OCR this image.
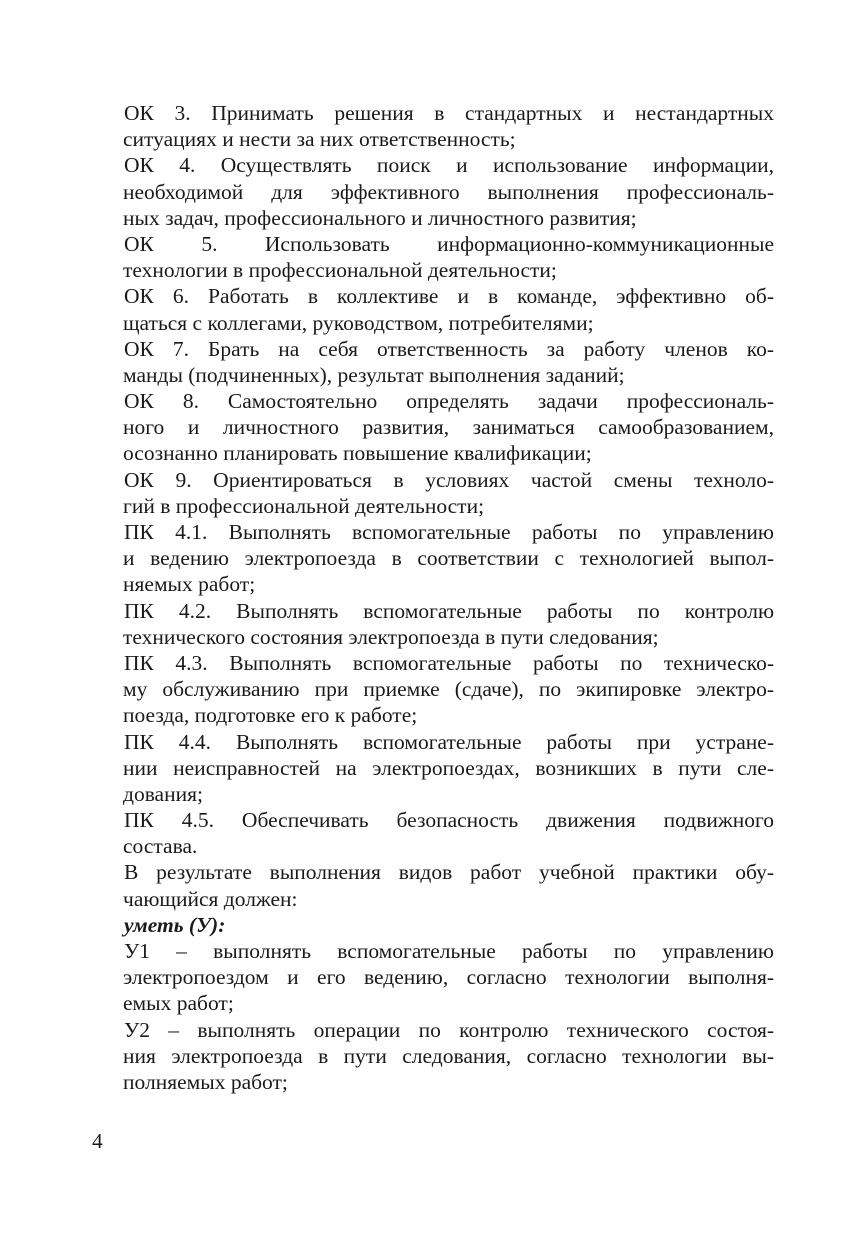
ОК 3. Принимать решения в стандартных и нестандартных
ситуациях и нести за них ответственность;
ОК 4. Осуществлять поиск и использование информации,
необходимой для эффективного выполнения профессиональ-
ных задач, профессионального и личностного развития;
ОК 5. Использовать информационно-коммуникационные
технологии в профессиональной деятельности;
ОК 6. Работать в коллективе и в команде, эффективно об-
щаться с коллегами, руководством, потребителями;
ОК 7. Брать на себя ответственность за работу членов ко-
манды (подчиненных), результат выполнения заданий;
ОК 8. Самостоятельно определять задачи профессиональ-
ного и личностного развития, заниматься самообразованием,
осознанно планировать повышение квалификации;
ОК 9. Ориентироваться в условиях частой смены техноло-
гий в профессиональной деятельности;
ПК 4.1. Выполнять вспомогательные работы по управлению
и ведению электропоезда в соответствии с технологией выпол-
няемых работ;
ПК 4.2. Выполнять вспомогательные работы по контролю
технического состояния электропоезда в пути следования;
ПК 4.3. Выполнять вспомогательные работы по техническо-
му обслуживанию при приемке (сдаче), по экипировке электро-
поезда, подготовке его к работе;
ПК 4.4. Выполнять вспомогательные работы при устране-
нии неисправностей на электропоездах, возникших в пути сле-
дования;
ПК 4.5. Обеспечивать безопасность движения подвижного
состава.
В результате выполнения видов работ учебной практики обу-
чающийся должен:
уметь (У):
У1 – выполнять вспомогательные работы по управлению
электропоездом и его ведению, согласно технологии выполня-
емых работ;
У2 – выполнять операции по контролю технического состоя-
ния электропоезда в пути следования, согласно технологии вы-
полняемых работ;
4
